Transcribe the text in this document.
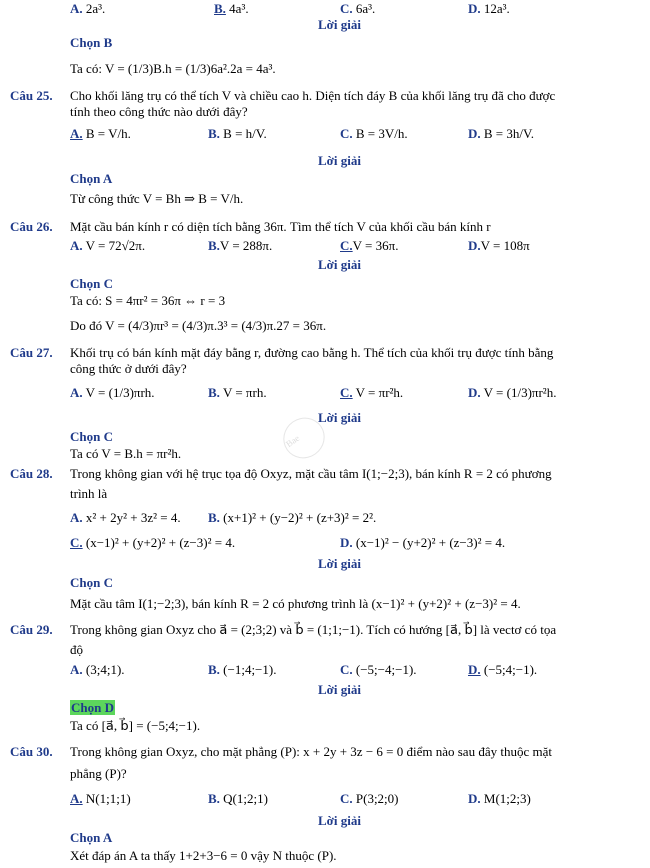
A. 2a³.	B. 4a³.	C. 6a³.	D. 12a³.
Lời giải
Chọn B
Ta có: V = (1/3)B.h = (1/3)6a².2a = 4a³.
Câu 25. Cho khối lăng trụ có thể tích V và chiều cao h. Diện tích đáy B của khối lăng trụ đã cho được
tính theo công thức nào dưới đây?
A. B = V/h.	B. B = h/V.	C. B = 3V/h.	D. B = 3h/V.
Lời giải
Chọn A
Từ công thức V = Bh ⇒ B = V/h.
Câu 26. Mặt cầu bán kính r có diện tích bằng 36π. Tìm thể tích V của khối cầu bán kính r
A. V = 72√2π.	B.V = 288π.	C.V = 36π.	D.V = 108π
Lời giải
Chọn C
Ta có: S = 4πr² = 36π ⇔ r = 3
Do đó V = (4/3)πr³ = (4/3)π.3³ = (4/3)π.27 = 36π.
Câu 27. Khối trụ có bán kính mặt đáy bằng r, đường cao bằng h. Thể tích của khối trụ được tính bằng
công thức ở dưới đây?
A. V = (1/3)πrh.	B. V = πrh.	C. V = πr²h.	D. V = (1/3)πr²h.
Lời giải
Chọn C
Ta có V = B.h = πr²h.
Bae
Câu 28. Trong không gian với hệ trục tọa độ Oxyz, mặt cầu tâm I(1;−2;3), bán kính R = 2 có phương
trình là
A. x² + 2y² + 3z² = 4. B. (x+1)² + (y−2)² + (z+3)² = 2².
C. (x−1)² + (y+2)² + (z−3)² = 4.	D. (x−1)² − (y+2)² + (z−3)² = 4.
Lời giải
Chọn C
Mặt cầu tâm I(1;−2;3), bán kính R = 2 có phương trình là (x−1)² + (y+2)² + (z−3)² = 4.
Câu 29. Trong không gian Oxyz cho a⃗ = (2;3;2) và b⃗ = (1;1;−1). Tích có hướng [a⃗, b⃗] là vectơ có tọa
độ
A. (3;4;1).	B. (−1;4;−1).	C. (−5;−4;−1).	D. (−5;4;−1).
Lời giải
Chọn D
Ta có [a⃗, b⃗] = (−5;4;−1).
Câu 30. Trong không gian Oxyz, cho mặt phẳng (P): x + 2y + 3z − 6 = 0 điểm nào sau đây thuộc mặt
phẳng (P)?
A. N(1;1;1)	B. Q(1;2;1)	C. P(3;2;0)	D. M(1;2;3)
Lời giải
Chọn A
Xét đáp án A ta thấy 1+2+3−6 = 0 vậy N thuộc (P).
